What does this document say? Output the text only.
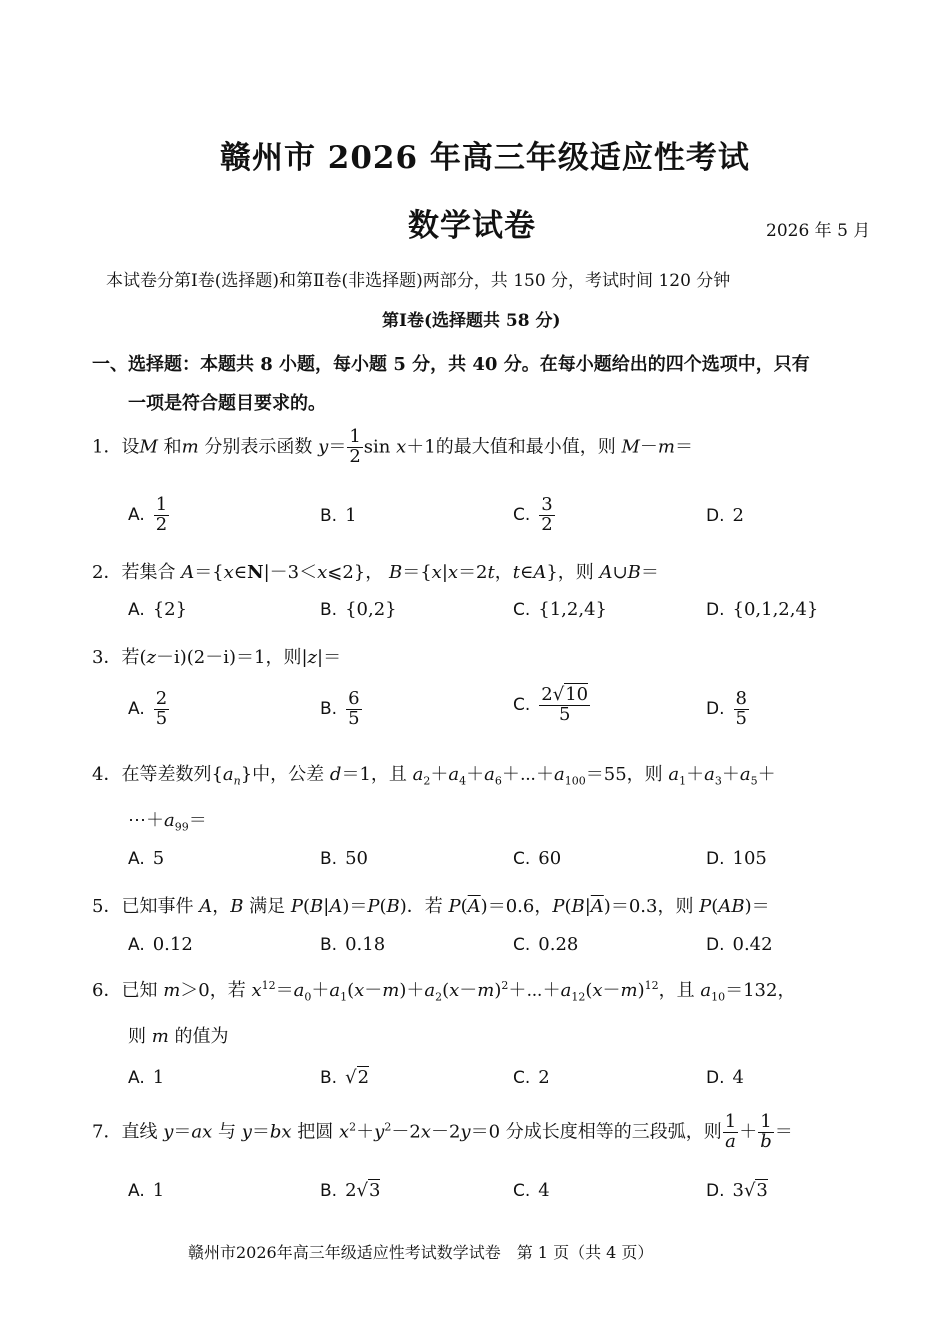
赣州市 2026 年高三年级适应性考试
数学试卷	2026 年 5 月
本试卷分第Ⅰ卷(选择题)和第Ⅱ卷(非选择题)两部分，共 150 分，考试时间 120 分钟
第Ⅰ卷(选择题共 58 分)
一、选择题：本题共 8 小题，每小题 5 分，共 40 分。在每小题给出的四个选项中，只有
一项是符合题目要求的。
1．设M 和m 分别表示函数 $y= \frac{1}{2}$ sin x＋1的最大值和最小值，则 M－m＝
A. $\frac{1}{2}$	B. 1	C. $\frac{3}{2}$	D. 2
2．若集合 A＝{x∈N|－3＜x⩽2}， B＝{x|x＝2t，t∈A}，则 A∪B＝
A. {2}	B. {0,2}	C. {1,2,4}	D. {0,1,2,4}
3．若(z－i)(2－i)＝1，则|z|＝
A. $\frac{2}{5}$	B. $\frac{6}{5}$	C. $\frac{2√10}{5}$	D. $\frac{8}{5}$
4．在等差数列$\{a_n\}$中，公差 d＝1，且 $a_2+a_4+a_6+\cdots+a_{100}=55$，则 $a_1+a_3+a_5+$
$\cdots+a_{99}=$
A. 5	B. 50	C. 60	D. 105
5．已知事件 A，B 满足 P(B|A)＝P(B)．若 $P(\overline{A})=0.6$，$P(B|\overline{A})=0.3$，则 P(AB)＝
A. 0.12	B. 0.18	C. 0.28	D. 0.42
6．已知 m＞0，若 $x^{12}=a_0+a_1(x-m)+a_2(x-m)^2+\cdots+a_{12}(x-m)^{12}$，且 $a_{10}=132$，
则 m 的值为
A. 1	B. √2	C. 2	D. 4
7．直线 y＝ax 与 y＝bx 把圆 $x^2+y^2-2x-2y=0$ 分成长度相等的三段弧，则 $\frac{1}{a} + \frac{1}{b}$ ＝
A. 1	B. 2√3	C. 4	D. 3√3
赣州市2026年高三年级适应性考试数学试卷　第 1 页（共 4 页）
